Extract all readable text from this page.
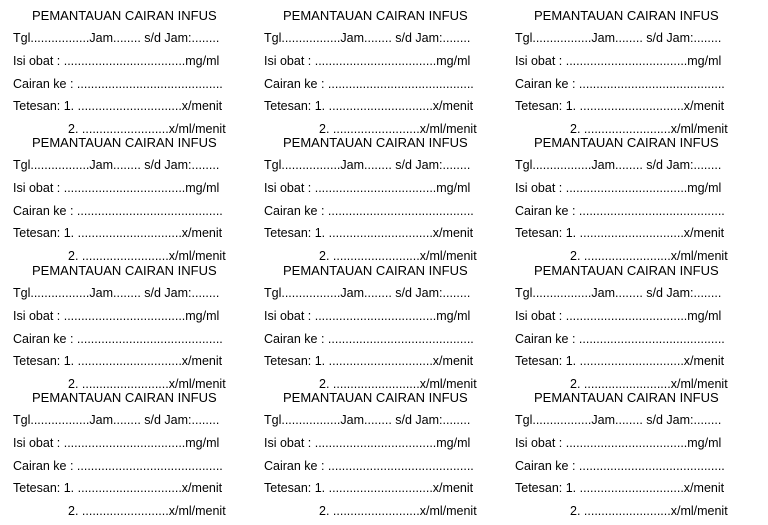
PEMANTAUAN CAIRAN INFUS
Tgl.................Jam........ s/d Jam:........
Isi obat : ...................................mg/ml
Cairan ke : ..........................................
Tetesan: 1. ..............................x/menit
2. .........................x/ml/menit
PEMANTAUAN CAIRAN INFUS
Tgl.................Jam........ s/d Jam:........
Isi obat : ...................................mg/ml
Cairan ke : ..........................................
Tetesan: 1. ..............................x/menit
2. .........................x/ml/menit
PEMANTAUAN CAIRAN INFUS
Tgl.................Jam........ s/d Jam:........
Isi obat : ...................................mg/ml
Cairan ke : ..........................................
Tetesan: 1. ..............................x/menit
2. .........................x/ml/menit
PEMANTAUAN CAIRAN INFUS
Tgl.................Jam........ s/d Jam:........
Isi obat : ...................................mg/ml
Cairan ke : ..........................................
Tetesan: 1. ..............................x/menit
2. .........................x/ml/menit
PEMANTAUAN CAIRAN INFUS
Tgl.................Jam........ s/d Jam:........
Isi obat : ...................................mg/ml
Cairan ke : ..........................................
Tetesan: 1. ..............................x/menit
2. .........................x/ml/menit
PEMANTAUAN CAIRAN INFUS
Tgl.................Jam........ s/d Jam:........
Isi obat : ...................................mg/ml
Cairan ke : ..........................................
Tetesan: 1. ..............................x/menit
2. .........................x/ml/menit
PEMANTAUAN CAIRAN INFUS
Tgl.................Jam........ s/d Jam:........
Isi obat : ...................................mg/ml
Cairan ke : ..........................................
Tetesan: 1. ..............................x/menit
2. .........................x/ml/menit
PEMANTAUAN CAIRAN INFUS
Tgl.................Jam........ s/d Jam:........
Isi obat : ...................................mg/ml
Cairan ke : ..........................................
Tetesan: 1. ..............................x/menit
2. .........................x/ml/menit
PEMANTAUAN CAIRAN INFUS
Tgl.................Jam........ s/d Jam:........
Isi obat : ...................................mg/ml
Cairan ke : ..........................................
Tetesan: 1. ..............................x/menit
2. .........................x/ml/menit
PEMANTAUAN CAIRAN INFUS
Tgl.................Jam........ s/d Jam:........
Isi obat : ...................................mg/ml
Cairan ke : ..........................................
Tetesan: 1. ..............................x/menit
2. .........................x/ml/menit
PEMANTAUAN CAIRAN INFUS
Tgl.................Jam........ s/d Jam:........
Isi obat : ...................................mg/ml
Cairan ke : ..........................................
Tetesan: 1. ..............................x/menit
2. .........................x/ml/menit
PEMANTAUAN CAIRAN INFUS
Tgl.................Jam........ s/d Jam:........
Isi obat : ...................................mg/ml
Cairan ke : ..........................................
Tetesan: 1. ..............................x/menit
2. .........................x/ml/menit
